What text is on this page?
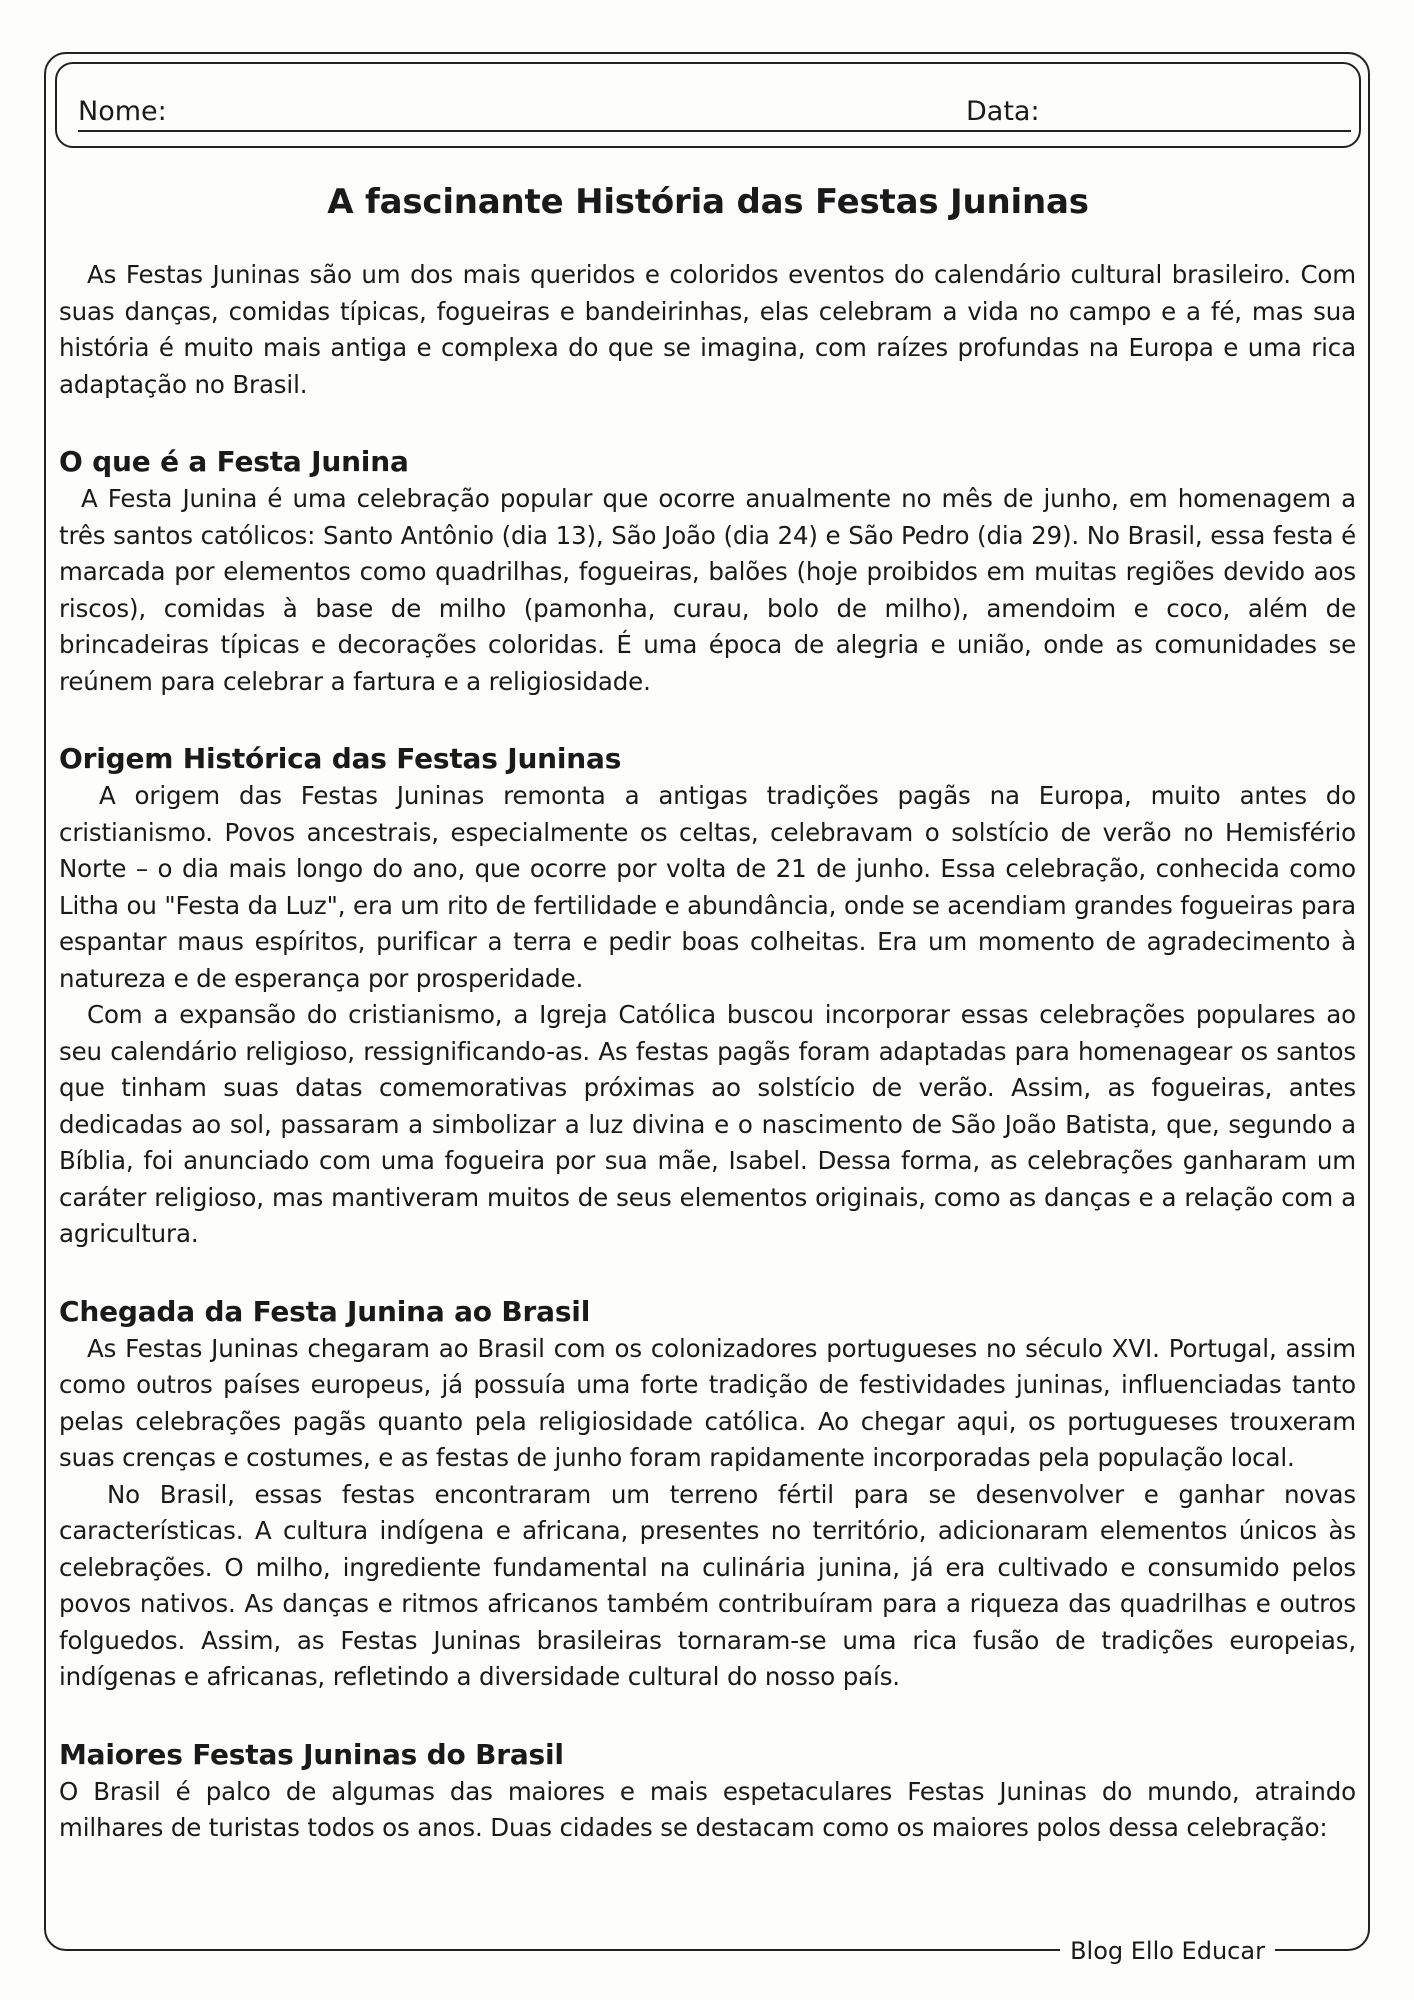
Nome:	Data:
A fascinante História das Festas Juninas

As Festas Juninas são um dos mais queridos e coloridos eventos do calendário cultural brasileiro. Com suas danças, comidas típicas, fogueiras e bandeirinhas, elas celebram a vida no campo e a fé, mas sua história é muito mais antiga e complexa do que se imagina, com raízes profundas na Europa e uma rica adaptação no Brasil.

O que é a Festa Junina

A Festa Junina é uma celebração popular que ocorre anualmente no mês de junho, em homenagem a três santos católicos: Santo Antônio (dia 13), São João (dia 24) e São Pedro (dia 29). No Brasil, essa festa é marcada por elementos como quadrilhas, fogueiras, balões (hoje proibidos em muitas regiões devido aos riscos), comidas à base de milho (pamonha, curau, bolo de milho), amendoim e coco, além de brincadeiras típicas e decorações coloridas. É uma época de alegria e união, onde as comunidades se reúnem para celebrar a fartura e a religiosidade.

Origem Histórica das Festas Juninas

A origem das Festas Juninas remonta a antigas tradições pagãs na Europa, muito antes do cristianismo. Povos ancestrais, especialmente os celtas, celebravam o solstício de verão no Hemisfério Norte – o dia mais longo do ano, que ocorre por volta de 21 de junho. Essa celebração, conhecida como Litha ou "Festa da Luz", era um rito de fertilidade e abundância, onde se acendiam grandes fogueiras para espantar maus espíritos, purificar a terra e pedir boas colheitas. Era um momento de agradecimento à natureza e de esperança por prosperidade.

Com a expansão do cristianismo, a Igreja Católica buscou incorporar essas celebrações populares ao seu calendário religioso, ressignificando-as. As festas pagãs foram adaptadas para homenagear os santos que tinham suas datas comemorativas próximas ao solstício de verão. Assim, as fogueiras, antes dedicadas ao sol, passaram a simbolizar a luz divina e o nascimento de São João Batista, que, segundo a Bíblia, foi anunciado com uma fogueira por sua mãe, Isabel. Dessa forma, as celebrações ganharam um caráter religioso, mas mantiveram muitos de seus elementos originais, como as danças e a relação com a agricultura.

Chegada da Festa Junina ao Brasil

As Festas Juninas chegaram ao Brasil com os colonizadores portugueses no século XVI. Portugal, assim como outros países europeus, já possuía uma forte tradição de festividades juninas, influenciadas tanto pelas celebrações pagãs quanto pela religiosidade católica. Ao chegar aqui, os portugueses trouxeram suas crenças e costumes, e as festas de junho foram rapidamente incorporadas pela população local.

No Brasil, essas festas encontraram um terreno fértil para se desenvolver e ganhar novas características. A cultura indígena e africana, presentes no território, adicionaram elementos únicos às celebrações. O milho, ingrediente fundamental na culinária junina, já era cultivado e consumido pelos povos nativos. As danças e ritmos africanos também contribuíram para a riqueza das quadrilhas e outros folguedos. Assim, as Festas Juninas brasileiras tornaram-se uma rica fusão de tradições europeias, indígenas e africanas, refletindo a diversidade cultural do nosso país.

Maiores Festas Juninas do Brasil

O Brasil é palco de algumas das maiores e mais espetaculares Festas Juninas do mundo, atraindo milhares de turistas todos os anos. Duas cidades se destacam como os maiores polos dessa celebração:

Blog Ello Educar
